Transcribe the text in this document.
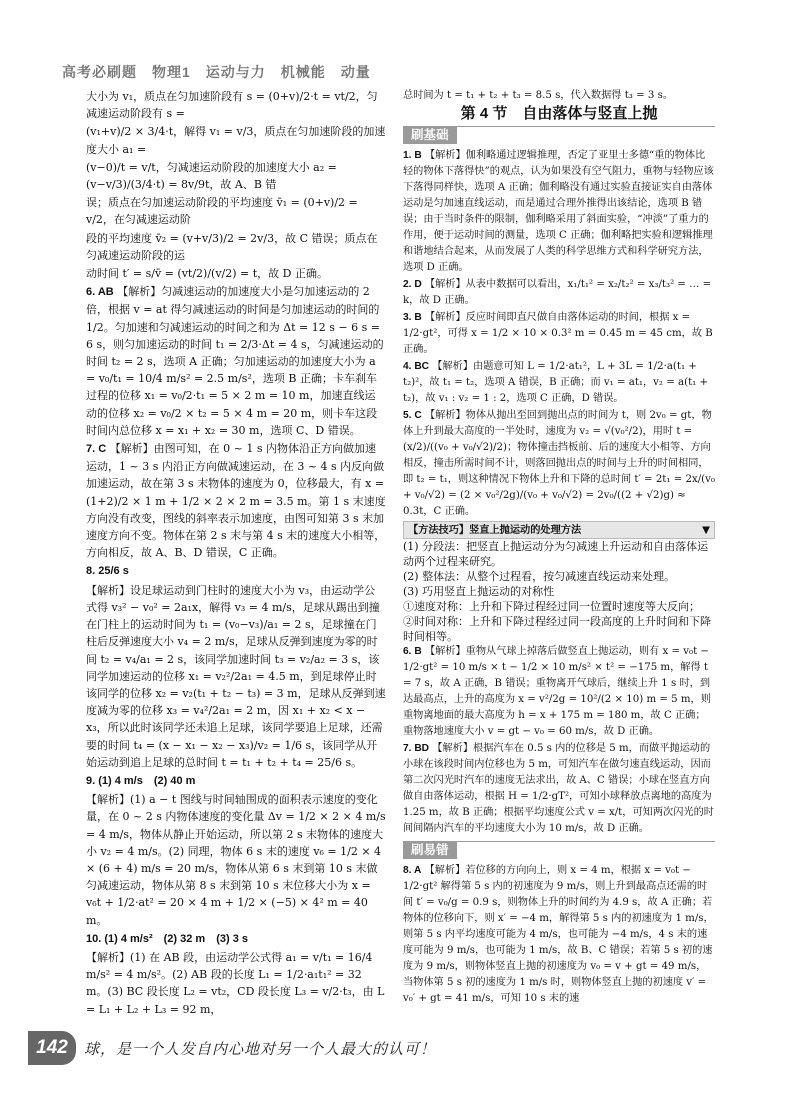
高考必刷题　物理1　运动与力　机械能　动量

大小为 v₁，质点在匀加速阶段有 s = (0+v)/2·t = vt/2，匀减速运动阶段有 s =

(v₁+v)/2 × 3/4·t，解得 v₁ = v/3，质点在匀加速阶段的加速度大小 a₁ =

(v−0)/t = v/t，匀减速运动阶段的加速度大小 a₂ = (v−v/3)/(3/4·t) = 8v/9t，故 A、B 错

误；质点在匀加速运动阶段的平均速度 v̄₁ = (0+v)/2 = v/2，在匀减速运动阶

段的平均速度 v̄₂ = (v+v/3)/2 = 2v/3，故 C 错误；质点在匀减速运动阶段的运

动时间 t′ = s/v̄ = (vt/2)/(v/2) = t，故 D 正确。

6. AB 【解析】匀减速运动的加速度大小是匀加速运动的 2 倍，根据 v = at 得匀减速运动的时间是匀加速运动的时间的 1/2。匀加速和匀减速运动的时间之和为 Δt = 12 s − 6 s = 6 s，则匀加速运动的时间 t₁ = 2/3·Δt = 4 s，匀减速运动的时间 t₂ = 2 s，选项 A 正确；匀加速运动的加速度大小为 a = v₀/t₁ = 10/4 m/s² = 2.5 m/s²，选项 B 正确；卡车刹车过程的位移 x₁ = v₀/2·t₁ = 5 × 2 m = 10 m，加速直线运动的位移 x₂ = v₀/2 × t₂ = 5 × 4 m = 20 m，则卡车这段时间内总位移 x = x₁ + x₂ = 30 m，选项 C、D 错误。

7. C 【解析】由图可知，在 0 ~ 1 s 内物体沿正方向做加速运动，1 ~ 3 s 内沿正方向做减速运动，在 3 ~ 4 s 内反向做加速运动，故在第 3 s 末物体的速度为 0，位移最大，有 x = (1+2)/2 × 1 m + 1/2 × 2 × 2 m = 3.5 m。第 1 s 末速度方向没有改变，图线的斜率表示加速度，由图可知第 3 s 末加速度方向不变。物体在第 2 s 末与第 4 s 末的速度大小相等，方向相反，故 A、B、D 错误，C 正确。

8. 25/6 s

【解析】设足球运动到门柱时的速度大小为 v₃，由运动学公式得 v₃² − v₀² = 2a₁x，解得 v₃ = 4 m/s，足球从踢出到撞在门柱上的运动时间为 t₁ = (v₀−v₃)/a₁ = 2 s，足球撞在门柱后反弹速度大小 v₄ = 2 m/s，足球从反弹到速度为零的时间 t₂ = v₄/a₁ = 2 s，该同学加速时间 t₃ = v₂/a₂ = 3 s，该同学加速运动的位移 x₁ = v₂²/2a₁ = 4.5 m，到足球停止时该同学的位移 x₂ = v₂(t₁ + t₂ − t₃) = 3 m，足球从反弹到速度减为零的位移 x₃ = v₄²/2a₁ = 2 m，因 x₁ + x₂ < x − x₃，所以此时该同学还未追上足球，该同学要追上足球，还需要的时间 t₄ = (x − x₁ − x₂ − x₃)/v₂ = 1/6 s，该同学从开始运动到追上足球的总时间 t = t₁ + t₂ + t₄ = 25/6 s。

9. (1) 4 m/s　(2) 40 m

【解析】(1) a − t 图线与时间轴围成的面积表示速度的变化量，在 0 ~ 2 s 内物体速度的变化量 Δv = 1/2 × 2 × 4 m/s = 4 m/s，物体从静止开始运动，所以第 2 s 末物体的速度大小 v₂ = 4 m/s。(2) 同理，物体 6 s 末的速度 v₆ = 1/2 × 4 × (6 + 4) m/s = 20 m/s，物体从第 6 s 末到第 10 s 末做匀减速运动，物体从第 8 s 末到第 10 s 末位移大小为 x = v₆t + 1/2·at² = 20 × 4 m + 1/2 × (−5) × 4² m = 40 m。

10. (1) 4 m/s²　(2) 32 m　(3) 3 s

【解析】(1) 在 AB 段，由运动学公式得 a₁ = v/t₁ = 16/4 m/s² = 4 m/s²。(2) AB 段的长度 L₁ = 1/2·a₁t₁² = 32 m。(3) BC 段长度 L₂ = vt₂，CD 段长度 L₃ = v/2·t₃，由 L = L₁ + L₂ + L₃ = 92 m，

总时间为 t = t₁ + t₂ + t₃ = 8.5 s，代入数据得 t₃ = 3 s。

第 4 节　自由落体与竖直上抛
刷基础

1. B 【解析】伽利略通过逻辑推理，否定了亚里士多德“重的物体比轻的物体下落得快”的观点，认为如果没有空气阻力，重物与轻物应该下落得同样快，选项 A 正确；伽利略没有通过实验直接证实自由落体运动是匀加速直线运动，而是通过合理外推得出该结论，选项 B 错误；由于当时条件的限制，伽利略采用了斜面实验，“冲淡”了重力的作用，便于运动时间的测量，选项 C 正确；伽利略把实验和逻辑推理和谐地结合起来，从而发展了人类的科学思维方式和科学研究方法，选项 D 正确。

2. D 【解析】从表中数据可以看出，x₁/t₁² = x₂/t₂² = x₃/t₃² = … = k，故 D 正确。

3. B 【解析】反应时间即直尺做自由落体运动的时间，根据 x = 1/2·gt²，可得 x = 1/2 × 10 × 0.3² m = 0.45 m = 45 cm，故 B 正确。

4. BC 【解析】由题意可知 L = 1/2·at₁²，L + 3L = 1/2·a(t₁ + t₂)²，故 t₁ = t₂，选项 A 错误，B 正确；而 v₁ = at₁，v₂ = a(t₁ + t₂)，故 v₁ : v₂ = 1 : 2，选项 C 正确，D 错误。

5. C 【解析】物体从抛出至回到抛出点的时间为 t，则 2v₀ = gt，物体上升到最大高度的一半处时，速度为 v₂ = √(v₀²/2)，用时 t = (x/2)/((v₀ + v₀/√2)/2)；物体撞击挡板前、后的速度大小相等、方向相反，撞击所需时间不计，则落回抛出点的时间与上升的时间相同，即 t₂ = t₁，则这种情况下物体上升和下降的总时间 t′ = 2t₁ = 2x/(v₀ + v₀/√2) = (2 × v₀²/2g)/(v₀ + v₀/√2) = 2v₀/((2 + √2)g) ≈ 0.3t，C 正确。

【方法技巧】竖直上抛运动的处理方法	▼
(1) 分段法：把竖直上抛运动分为匀减速上升运动和自由落体运动两个过程来研究。
(2) 整体法：从整个过程看，按匀减速直线运动来处理。
(3) 巧用竖直上抛运动的对称性
①速度对称：上升和下降过程经过同一位置时速度等大反向；
②时间对称：上升和下降过程经过同一段高度的上升时间和下降时间相等。

6. B 【解析】重物从气球上掉落后做竖直上抛运动，则有 x = v₀t − 1/2·gt² = 10 m/s × t − 1/2 × 10 m/s² × t² = −175 m，解得 t = 7 s，故 A 正确，B 错误；重物离开气球后，继续上升 1 s 时，到达最高点，上升的高度为 x = v²/2g = 10²/(2 × 10) m = 5 m，则重物离地面的最大高度为 h = x + 175 m = 180 m，故 C 正确；重物落地速度大小 v = gt − v₀ = 60 m/s，故 D 正确。

7. BD 【解析】根据汽车在 0.5 s 内的位移是 5 m，而做平抛运动的小球在该段时间内位移也为 5 m，可知汽车在做匀速直线运动，因而第二次闪光时汽车的速度无法求出，故 A、C 错误；小球在竖直方向做自由落体运动，根据 H = 1/2·gT²，可知小球释放点离地的高度为 1.25 m，故 B 正确；根据平均速度公式 v = x/t，可知两次闪光的时间间隔内汽车的平均速度大小为 10 m/s，故 D 正确。

刷易错

8. A 【解析】若位移的方向向上，则 x = 4 m，根据 x = v₀t − 1/2·gt² 解得第 5 s 内的初速度为 9 m/s，则上升到最高点还需的时间 t′ = v₀/g = 0.9 s，则物体上升的时间约为 4.9 s，故 A 正确；若物体的位移向下，则 x′ = −4 m，解得第 5 s 内的初速度为 1 m/s，则第 5 s 内平均速度可能为 4 m/s，也可能为 −4 m/s，4 s 末的速度可能为 9 m/s，也可能为 1 m/s，故 B、C 错误；若第 5 s 初的速度为 9 m/s，则物体竖直上抛的初速度为 v₀ = v + gt = 49 m/s，当物体第 5 s 初的速度为 1 m/s 时，则物体竖直上抛的初速度 v′ = v₀′ + gt = 41 m/s，可知 10 s 末的速

142	球，是一个人发自内心地对另一个人最大的认可！
